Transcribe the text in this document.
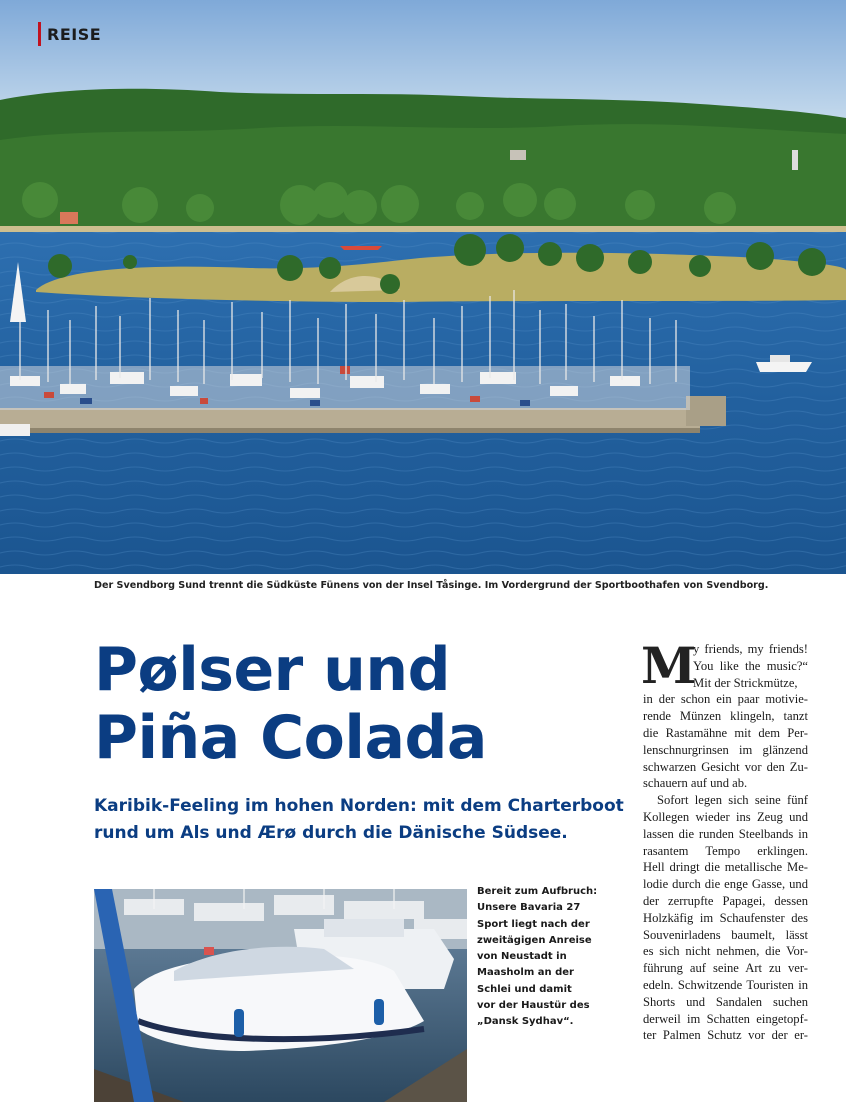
REISE
Der Svendborg Sund trennt die Südküste Fünens von der Insel Tåsinge. Im Vordergrund der Sportboothafen von Svendborg.
Pølser und
Piña Colada
Karibik-Feeling im hohen Norden: mit dem Charterboot
rund um Als und Ærø durch die Dänische Südsee.
Bereit zum Aufbruch:
Unsere Bavaria 27
Sport liegt nach der
zweitägigen Anreise
von Neustadt in
Maasholm an der
Schlei und damit
vor der Haustür des
„Dansk Sydhav“.
M
y friends, my friends!
You like the music?“
Mit der Strickmütze,
in der schon ein paar motivie-
rende Münzen klingeln, tanzt
die Rastamähne mit dem Per-
lenschnurgrinsen im glänzend
schwarzen Gesicht vor den Zu-
schauern auf und ab.
Sofort legen sich seine fünf
Kollegen wieder ins Zeug und
lassen die runden Steelbands in
rasantem Tempo erklingen.
Hell dringt die metallische Me-
lodie durch die enge Gasse, und
der zerrupfte Papagei, dessen
Holzkäfig im Schaufenster des
Souvenirladens baumelt, lässt
es sich nicht nehmen, die Vor-
führung auf seine Art zu ver-
edeln. Schwitzende Touristen in
Shorts und Sandalen suchen
derweil im Schatten eingetopf-
ter Palmen Schutz vor der er-
